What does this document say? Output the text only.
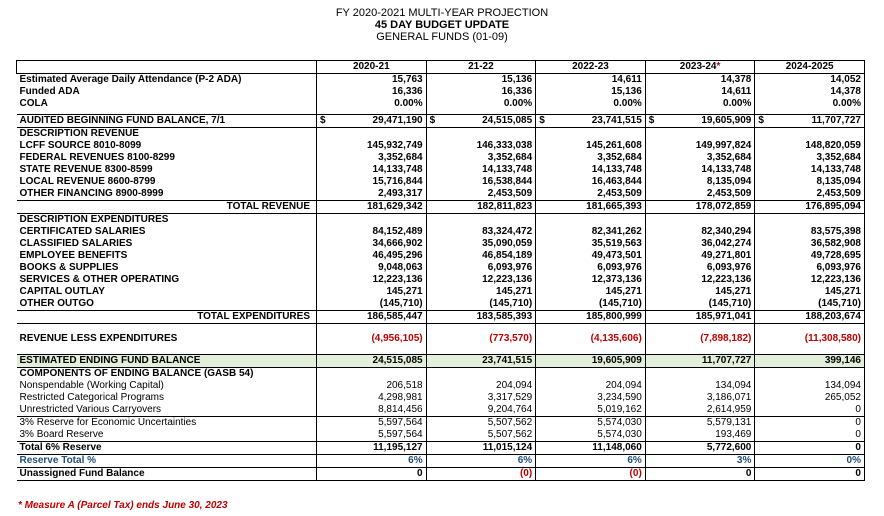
FY 2020-2021 MULTI-YEAR PROJECTION
45 DAY BUDGET UPDATE
GENERAL FUNDS (01-09)
	2020-21	21-22	2022-23	2023-24*	2024-2025
Estimated Average Daily Attendance (P-2 ADA)	15,763	15,136	14,611	14,378	14,052
Funded ADA	16,336	16,336	15,136	14,611	14,378
COLA	0.00%	0.00%	0.00%	0.00%	0.00%

AUDITED BEGINNING FUND BALANCE, 7/1	$ 29,471,190	$ 24,515,085	$ 23,741,515	$ 19,605,909	$ 11,707,727
DESCRIPTION REVENUE					
LCFF SOURCE 8010-8099	145,932,749	146,333,038	145,261,608	149,997,824	148,820,059
FEDERAL REVENUES 8100-8299	3,352,684	3,352,684	3,352,684	3,352,684	3,352,684
STATE REVENUE 8300-8599	14,133,748	14,133,748	14,133,748	14,133,748	14,133,748
LOCAL REVENUE 8600-8799	15,716,844	16,538,844	16,463,844	8,135,094	8,135,094
OTHER FINANCING 8900-8999	2,493,317	2,453,509	2,453,509	2,453,509	2,453,509
TOTAL REVENUE	181,629,342	182,811,823	181,665,393	178,072,859	176,895,094
DESCRIPTION EXPENDITURES					
CERTIFICATED SALARIES	84,152,489	83,324,472	82,341,262	82,340,294	83,575,398
CLASSIFIED SALARIES	34,666,902	35,090,059	35,519,563	36,042,274	36,582,908
EMPLOYEE BENEFITS	46,495,296	46,854,189	49,473,501	49,271,801	49,728,695
BOOKS & SUPPLIES	9,048,063	6,093,976	6,093,976	6,093,976	6,093,976
SERVICES & OTHER OPERATING	12,223,136	12,223,136	12,373,136	12,223,136	12,223,136
CAPITAL OUTLAY	145,271	145,271	145,271	145,271	145,271
OTHER OUTGO	(145,710)	(145,710)	(145,710)	(145,710)	(145,710)
TOTAL EXPENDITURES	186,585,447	183,585,393	185,800,999	185,971,041	188,203,674
REVENUE LESS EXPENDITURES	(4,956,105)	(773,570)	(4,135,606)	(7,898,182)	(11,308,580)
ESTIMATED ENDING FUND BALANCE	24,515,085	23,741,515	19,605,909	11,707,727	399,146
COMPONENTS OF ENDING BALANCE (GASB 54)					
Nonspendable (Working Capital)	206,518	204,094	204,094	134,094	134,094
Restricted Categorical Programs	4,298,981	3,317,529	3,234,590	3,186,071	265,052
Unrestricted Various Carryovers	8,814,456	9,204,764	5,019,162	2,614,959	0
3% Reserve for Economic Uncertainties	5,597,564	5,507,562	5,574,030	5,579,131	0
3% Board Reserve	5,597,564	5,507,562	5,574,030	193,469	0
Total 6% Reserve	11,195,127	11,015,124	11,148,060	5,772,600	0
Reserve Total %	6%	6%	6%	3%	0%
Unassigned Fund Balance	0	(0)	(0)	0	0
* Measure A (Parcel Tax) ends June 30, 2023
